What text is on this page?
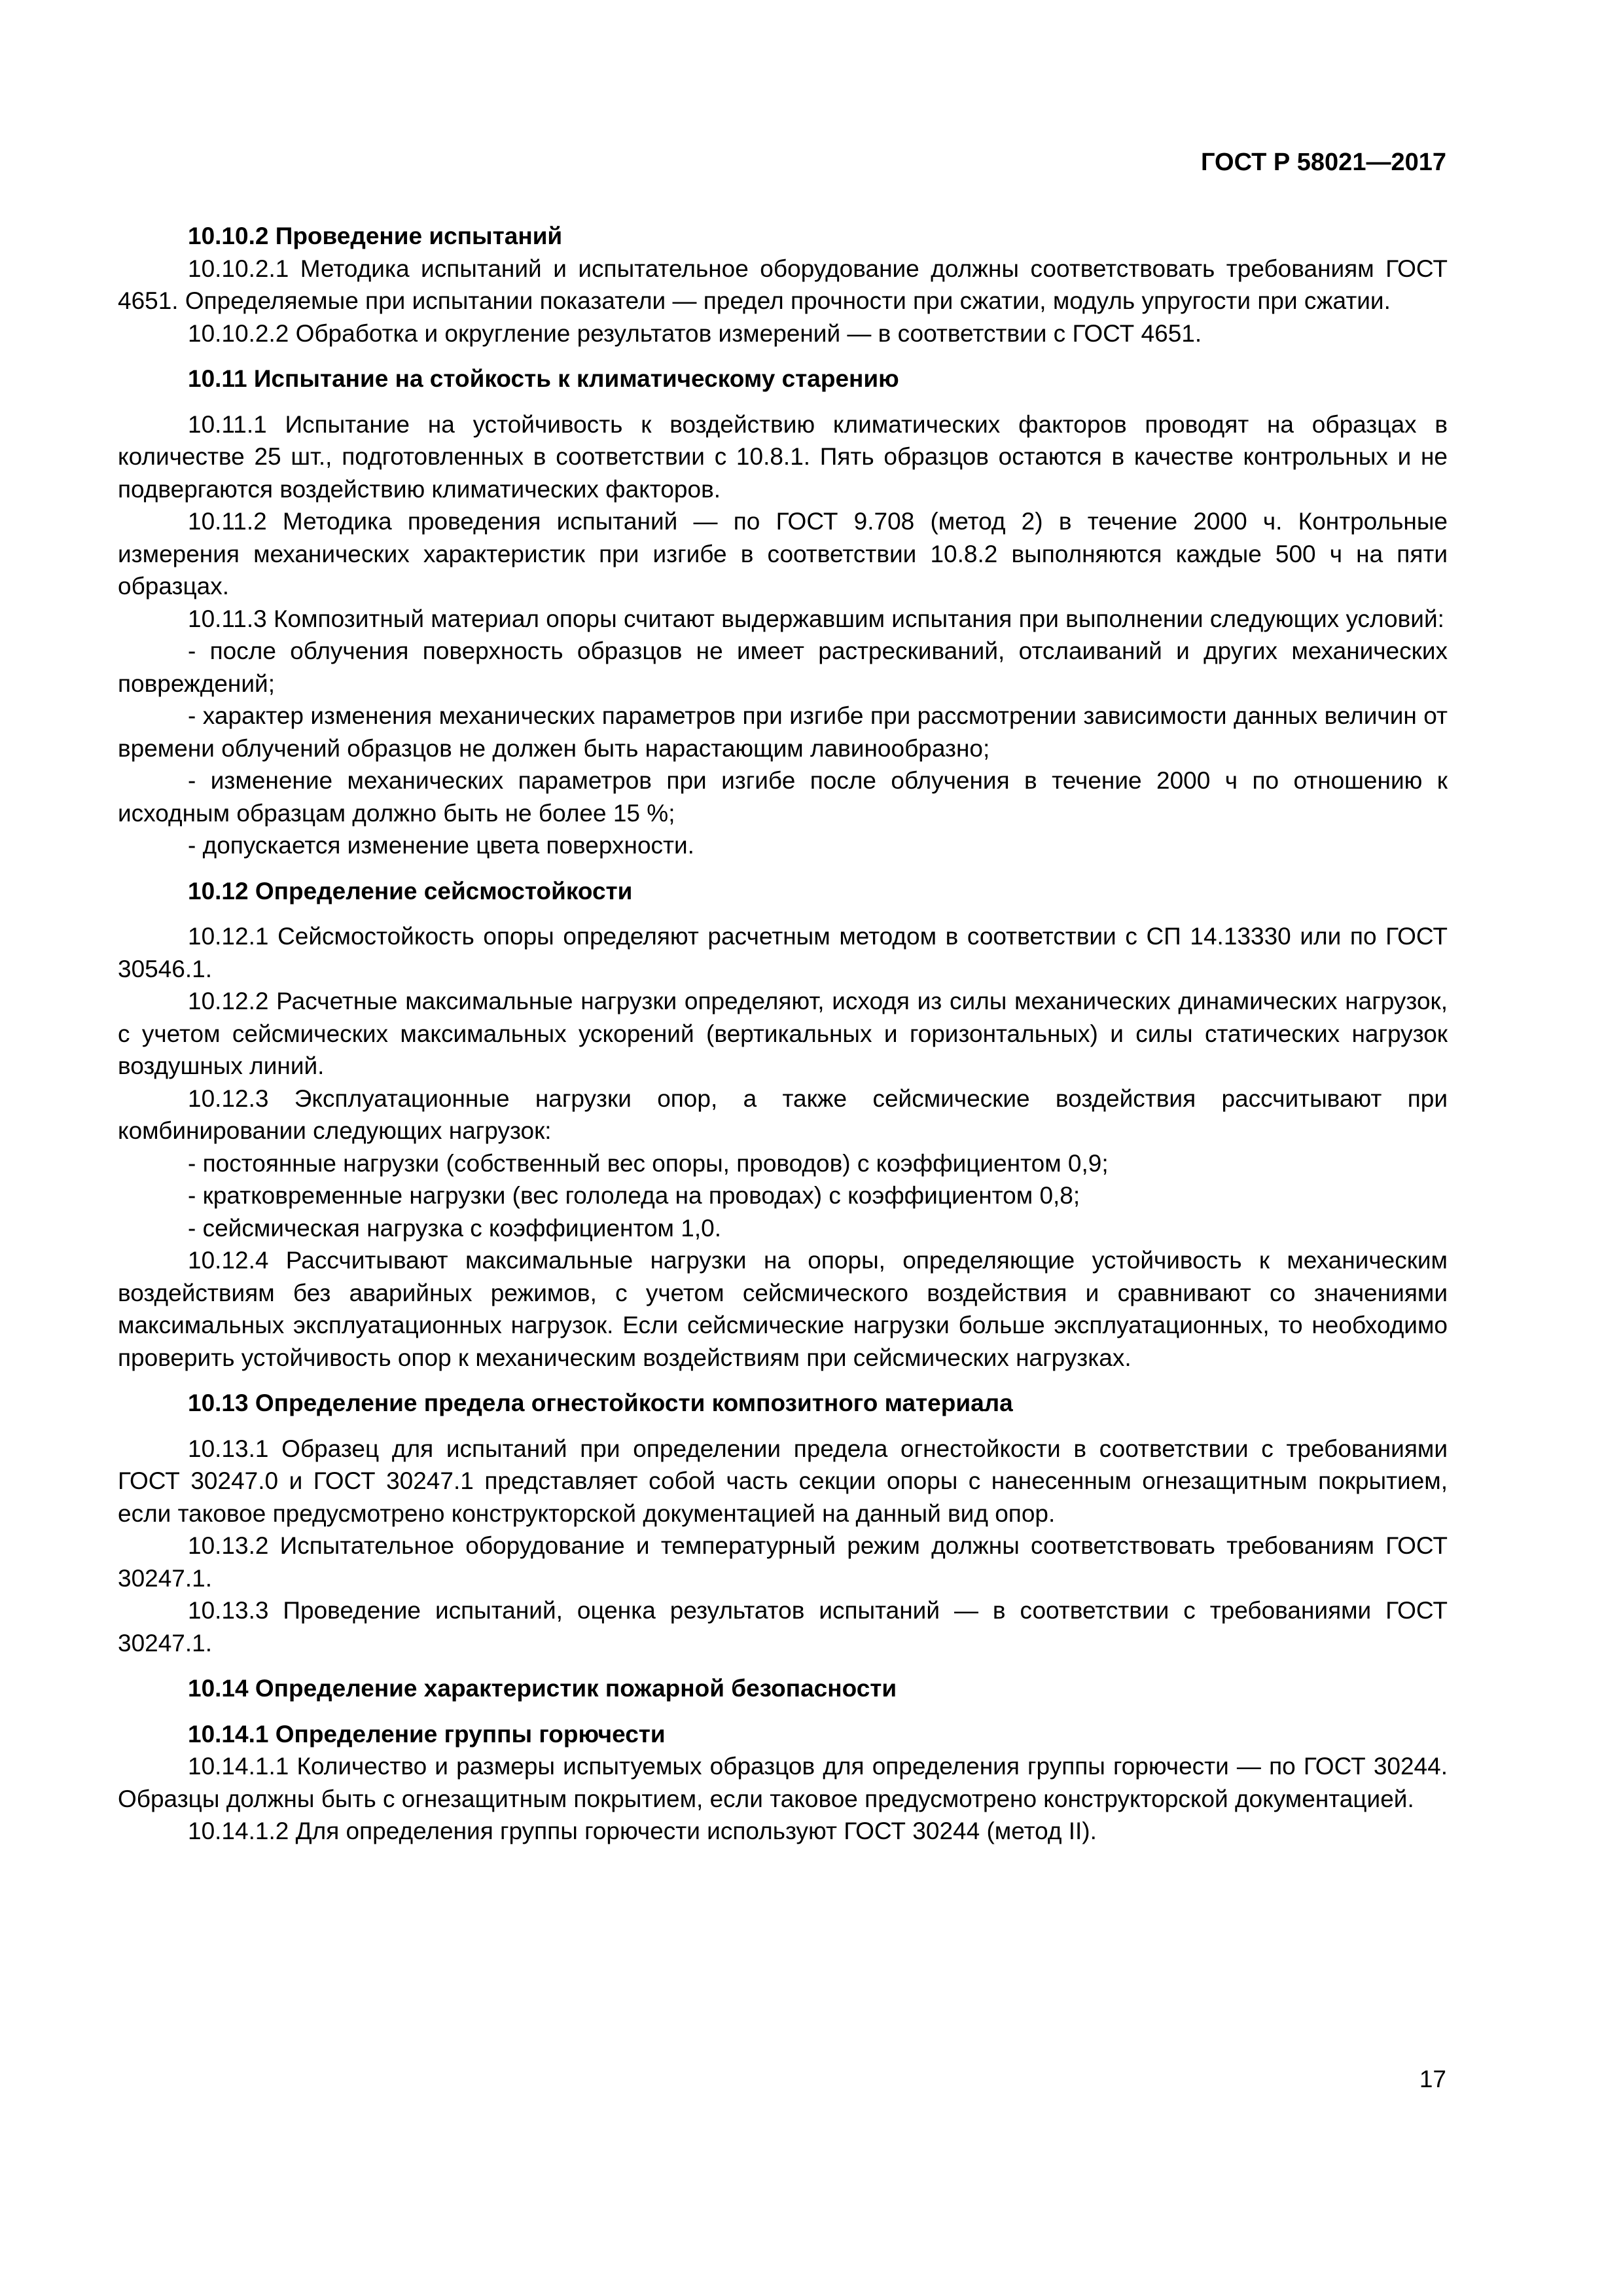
ГОСТ Р 58021—2017
10.10.2 Проведение испытаний

10.10.2.1 Методика испытаний и испытательное оборудование должны соответствовать требованиям ГОСТ 4651. Определяемые при испытании показатели — предел прочности при сжатии, модуль упругости при сжатии.

10.10.2.2 Обработка и округление результатов измерений — в соответствии с ГОСТ 4651.

10.11 Испытание на стойкость к климатическому старению

10.11.1 Испытание на устойчивость к воздействию климатических факторов проводят на образцах в количестве 25 шт., подготовленных в соответствии с 10.8.1. Пять образцов остаются в качестве контрольных и не подвергаются воздействию климатических факторов.

10.11.2 Методика проведения испытаний — по ГОСТ 9.708 (метод 2) в течение 2000 ч. Контрольные измерения механических характеристик при изгибе в соответствии 10.8.2 выполняются каждые 500 ч на пяти образцах.

10.11.3 Композитный материал опоры считают выдержавшим испытания при выполнении следующих условий:

- после облучения поверхность образцов не имеет растрескиваний, отслаиваний и других механических повреждений;

- характер изменения механических параметров при изгибе при рассмотрении зависимости данных величин от времени облучений образцов не должен быть нарастающим лавинообразно;

- изменение механических параметров при изгибе после облучения в течение 2000 ч по отношению к исходным образцам должно быть не более 15 %;

- допускается изменение цвета поверхности.

10.12 Определение сейсмостойкости

10.12.1 Сейсмостойкость опоры определяют расчетным методом в соответствии с СП 14.13330 или по ГОСТ 30546.1.

10.12.2 Расчетные максимальные нагрузки определяют, исходя из силы механических динамических нагрузок, с учетом сейсмических максимальных ускорений (вертикальных и горизонтальных) и силы статических нагрузок воздушных линий.

10.12.3 Эксплуатационные нагрузки опор, а также сейсмические воздействия рассчитывают при комбинировании следующих нагрузок:

- постоянные нагрузки (собственный вес опоры, проводов) с коэффициентом 0,9;

- кратковременные нагрузки (вес гололеда на проводах) с коэффициентом 0,8;

- сейсмическая нагрузка с коэффициентом 1,0.

10.12.4 Рассчитывают максимальные нагрузки на опоры, определяющие устойчивость к механическим воздействиям без аварийных режимов, с учетом сейсмического воздействия и сравнивают со значениями максимальных эксплуатационных нагрузок. Если сейсмические нагрузки больше эксплуатационных, то необходимо проверить устойчивость опор к механическим воздействиям при сейсмических нагрузках.

10.13 Определение предела огнестойкости композитного материала

10.13.1 Образец для испытаний при определении предела огнестойкости в соответствии с требованиями ГОСТ 30247.0 и ГОСТ 30247.1 представляет собой часть секции опоры с нанесенным огнезащитным покрытием, если таковое предусмотрено конструкторской документацией на данный вид опор.

10.13.2 Испытательное оборудование и температурный режим должны соответствовать требованиям ГОСТ 30247.1.

10.13.3 Проведение испытаний, оценка результатов испытаний — в соответствии с требованиями ГОСТ 30247.1.

10.14 Определение характеристик пожарной безопасности
10.14.1 Определение группы горючести

10.14.1.1 Количество и размеры испытуемых образцов для определения группы горючести — по ГОСТ 30244. Образцы должны быть с огнезащитным покрытием, если таковое предусмотрено конструкторской документацией.

10.14.1.2 Для определения группы горючести используют ГОСТ 30244 (метод II).

17
